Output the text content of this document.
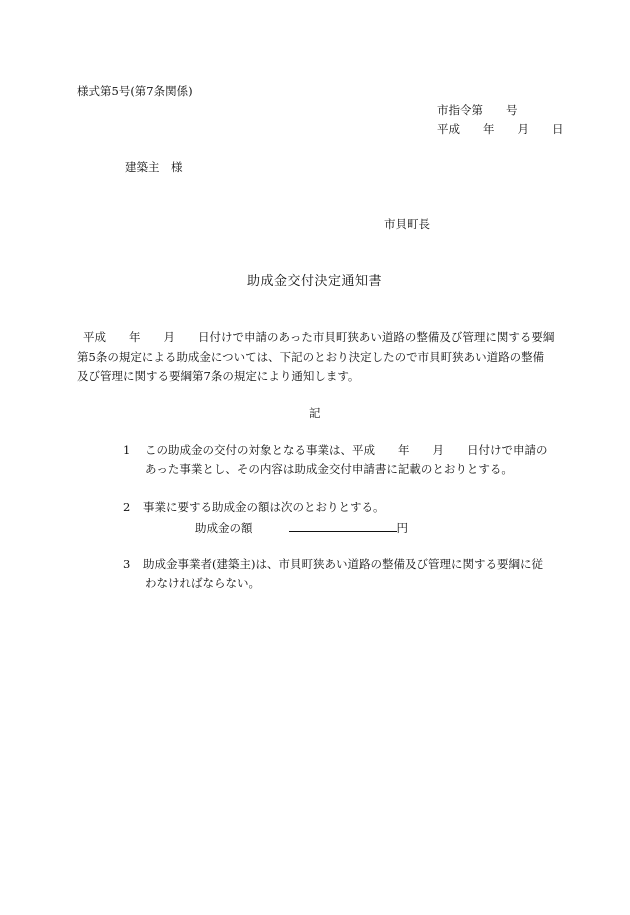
様式第5号(第7条関係)
市指令第　　号
平成　　年　　月　　日
建築主　様
市貝町長
助成金交付決定通知書
平成　　年　　月　　日付けで申請のあった市貝町狭あい道路の整備及び管理に関する要綱
第5条の規定による助成金については、下記のとおり決定したので市貝町狭あい道路の整備
及び管理に関する要綱第7条の規定により通知します。
記
1 この助成金の交付の対象となる事業は、平成　　年　　月　　日付けで申請の
あった事業とし、その内容は助成金交付申請書に記載のとおりとする。
2 事業に要する助成金の額は次のとおりとする。
助成金の額	円
3 助成金事業者(建築主)は、市貝町狭あい道路の整備及び管理に関する要綱に従
わなければならない。
